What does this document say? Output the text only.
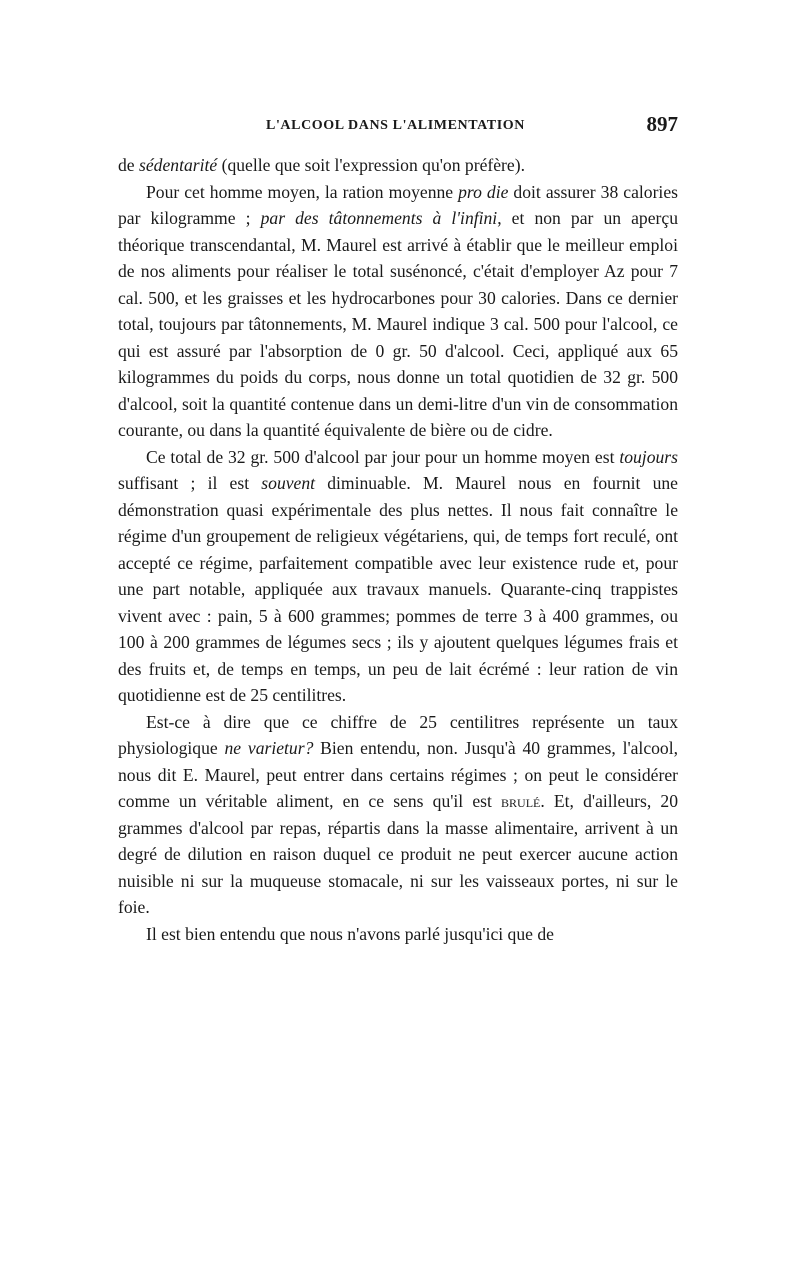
L'ALCOOL DANS L'ALIMENTATION	897

de sédentarité (quelle que soit l'expression qu'on préfère).

Pour cet homme moyen, la ration moyenne pro die doit assurer 38 calories par kilogramme ; par des tâtonnements à l'infini, et non par un aperçu théorique transcendantal, M. Maurel est arrivé à établir que le meilleur emploi de nos aliments pour réaliser le total susénoncé, c'était d'employer Az pour 7 cal. 500, et les graisses et les hydrocarbones pour 30 calories. Dans ce dernier total, toujours par tâtonnements, M. Maurel indique 3 cal. 500 pour l'alcool, ce qui est assuré par l'absorption de 0 gr. 50 d'alcool. Ceci, appliqué aux 65 kilogrammes du poids du corps, nous donne un total quotidien de 32 gr. 500 d'alcool, soit la quantité contenue dans un demi-litre d'un vin de consommation courante, ou dans la quantité équivalente de bière ou de cidre.

Ce total de 32 gr. 500 d'alcool par jour pour un homme moyen est toujours suffisant ; il est souvent diminuable. M. Maurel nous en fournit une démonstration quasi expérimentale des plus nettes. Il nous fait connaître le régime d'un groupement de religieux végétariens, qui, de temps fort reculé, ont accepté ce régime, parfaitement compatible avec leur existence rude et, pour une part notable, appliquée aux travaux manuels. Quarante-cinq trappistes vivent avec : pain, 5 à 600 grammes; pommes de terre 3 à 400 grammes, ou 100 à 200 grammes de légumes secs ; ils y ajoutent quelques légumes frais et des fruits et, de temps en temps, un peu de lait écrémé : leur ration de vin quotidienne est de 25 centilitres.

Est-ce à dire que ce chiffre de 25 centilitres représente un taux physiologique ne varietur? Bien entendu, non. Jusqu'à 40 grammes, l'alcool, nous dit E. Maurel, peut entrer dans certains régimes ; on peut le considérer comme un véritable aliment, en ce sens qu'il est brulé. Et, d'ailleurs, 20 grammes d'alcool par repas, répartis dans la masse alimentaire, arrivent à un degré de dilution en raison duquel ce produit ne peut exercer aucune action nuisible ni sur la muqueuse stomacale, ni sur les vaisseaux portes, ni sur le foie.

Il est bien entendu que nous n'avons parlé jusqu'ici que de
